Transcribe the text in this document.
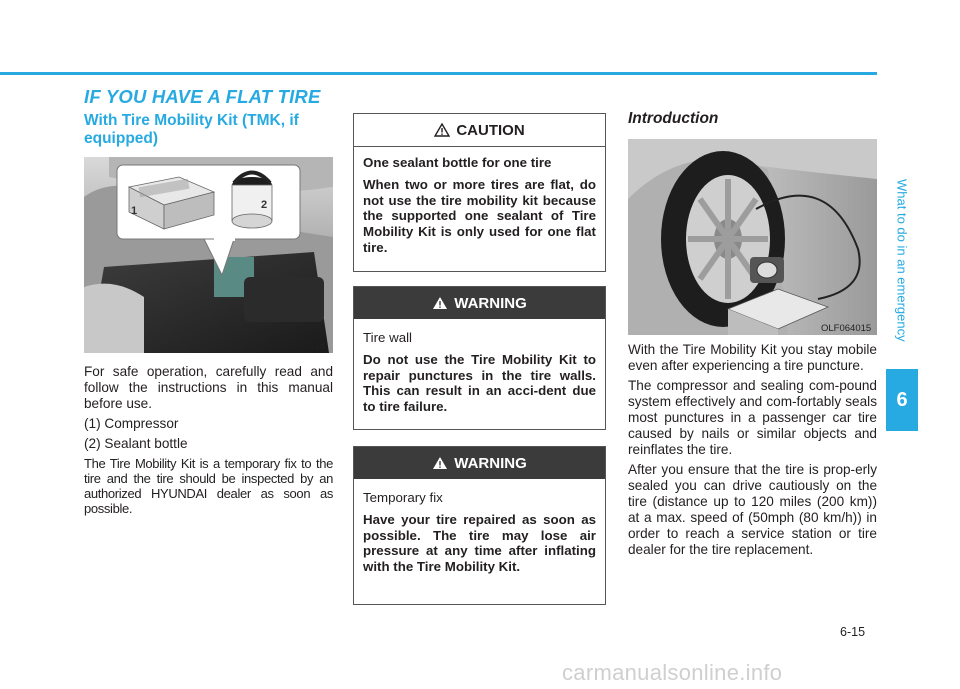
IF YOU HAVE A FLAT TIRE
What to do in an emergency
6
With Tire Mobility Kit (TMK, if equipped)
1	2
OLFH064014

For safe operation, carefully read and follow the instructions in this manual before use.

(1) Compressor

(2) Sealant bottle

The Tire Mobility Kit is a temporary fix to the tire and the tire should be inspected by an authorized HYUNDAI dealer as soon as possible.

CAUTION

One sealant bottle for one tire

When two or more tires are flat, do not use the tire mobility kit because the supported one sealant of Tire Mobility Kit is only used for one flat tire.

WARNING

Tire wall

Do not use the Tire Mobility Kit to repair punctures in the tire walls. This can result in an acci-dent due to tire failure.

WARNING

Temporary fix

Have your tire repaired as soon as possible. The tire may lose air pressure at any time after inflating with the Tire Mobility Kit.

Introduction
OLF064015

With the Tire Mobility Kit you stay mobile even after experiencing a tire puncture.

The compressor and sealing com-pound system effectively and com-fortably seals most punctures in a passenger car tire caused by nails or similar objects and reinflates the tire.

After you ensure that the tire is prop-erly sealed you can drive cautiously on the tire (distance up to 120 miles (200 km)) at a max. speed of (50mph (80 km/h)) in order to reach a service station or tire dealer for the tire replacement.

6-15
carmanualsonline.info
